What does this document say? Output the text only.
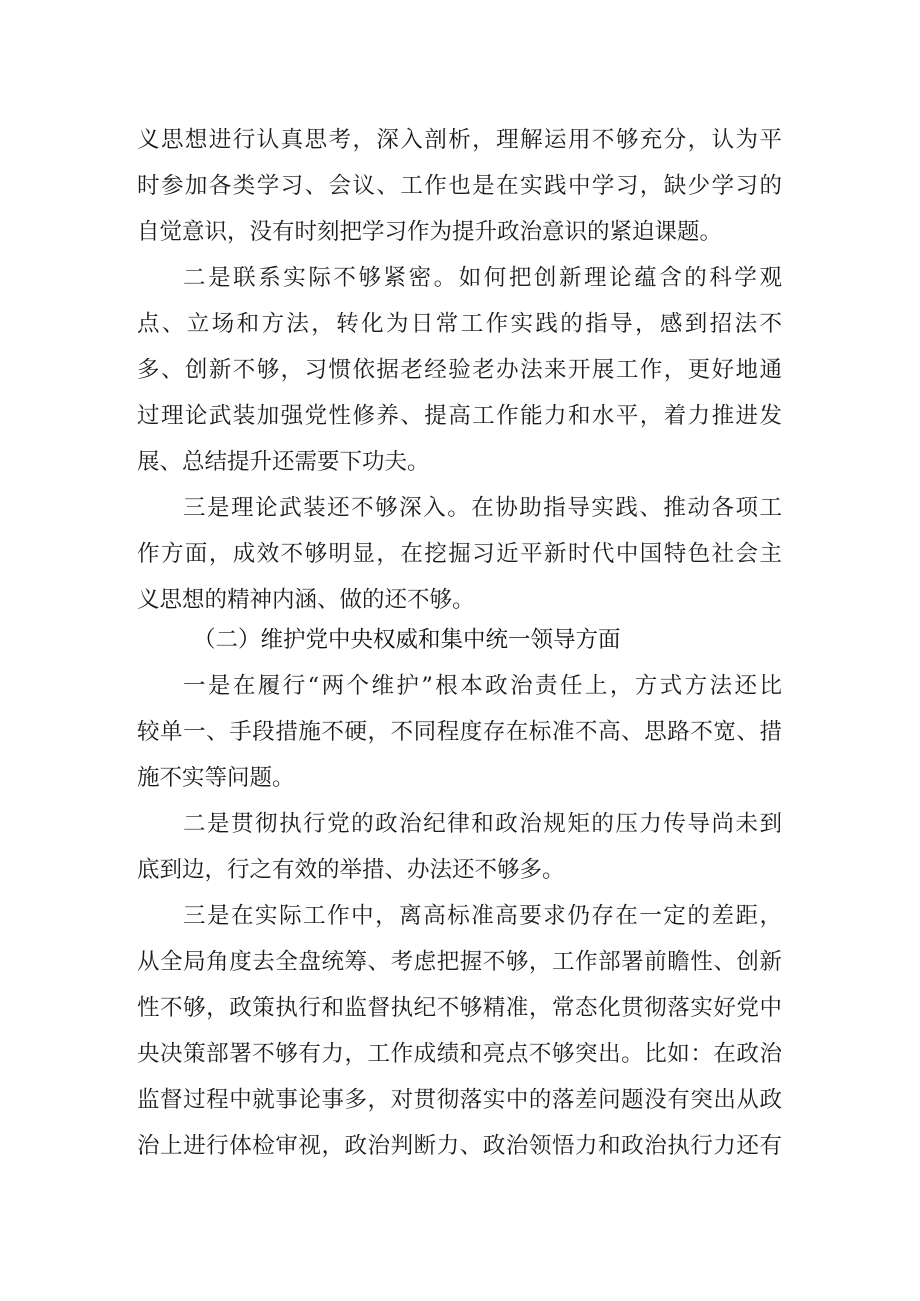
义思想进行认真思考，深入剖析，理解运用不够充分，认为平
时参加各类学习、会议、工作也是在实践中学习，缺少学习的
自觉意识，没有时刻把学习作为提升政治意识的紧迫课题。
二是联系实际不够紧密。如何把创新理论蕴含的科学观
点、立场和方法，转化为日常工作实践的指导，感到招法不
多、创新不够，习惯依据老经验老办法来开展工作，更好地通
过理论武装加强党性修养、提高工作能力和水平，着力推进发
展、总结提升还需要下功夫。
三是理论武装还不够深入。在协助指导实践、推动各项工
作方面，成效不够明显，在挖掘习近平新时代中国特色社会主
义思想的精神内涵、做的还不够。
（二）维护党中央权威和集中统一领导方面
一是在履行“两个维护”根本政治责任上，方式方法还比
较单一、手段措施不硬，不同程度存在标准不高、思路不宽、措
施不实等问题。
二是贯彻执行党的政治纪律和政治规矩的压力传导尚未到
底到边，行之有效的举措、办法还不够多。
三是在实际工作中，离高标准高要求仍存在一定的差距，
从全局角度去全盘统筹、考虑把握不够，工作部署前瞻性、创新
性不够，政策执行和监督执纪不够精准，常态化贯彻落实好党中
央决策部署不够有力，工作成绩和亮点不够突出。比如：在政治
监督过程中就事论事多，对贯彻落实中的落差问题没有突出从政
治上进行体检审视，政治判断力、政治领悟力和政治执行力还有
